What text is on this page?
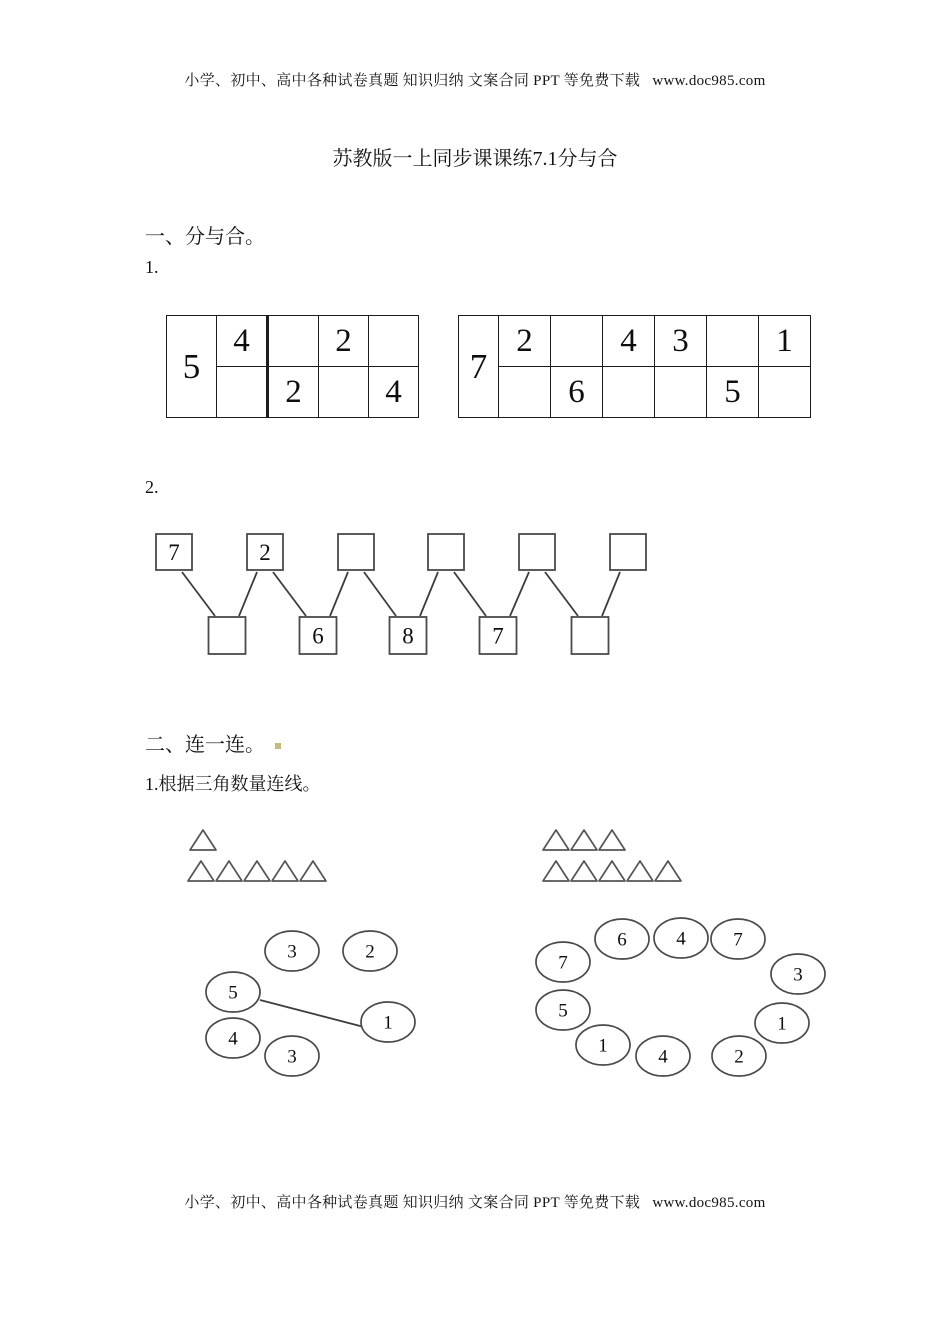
小学、初中、高中各种试卷真题 知识归纳 文案合同 PPT 等免费下载   www.doc985.com
苏教版一上同步课课练7.1分与合
一、分与合。
1.
5	4		2	
		2		4
7	2		4	3		1
		6			5	
2.
7	2
6	8	7
二、连一连。
1.根据三角数量连线。
3	2
5
1
4
3
6	4	7
7
3
5
1
1
4	2
小学、初中、高中各种试卷真题 知识归纳 文案合同 PPT 等免费下载   www.doc985.com
